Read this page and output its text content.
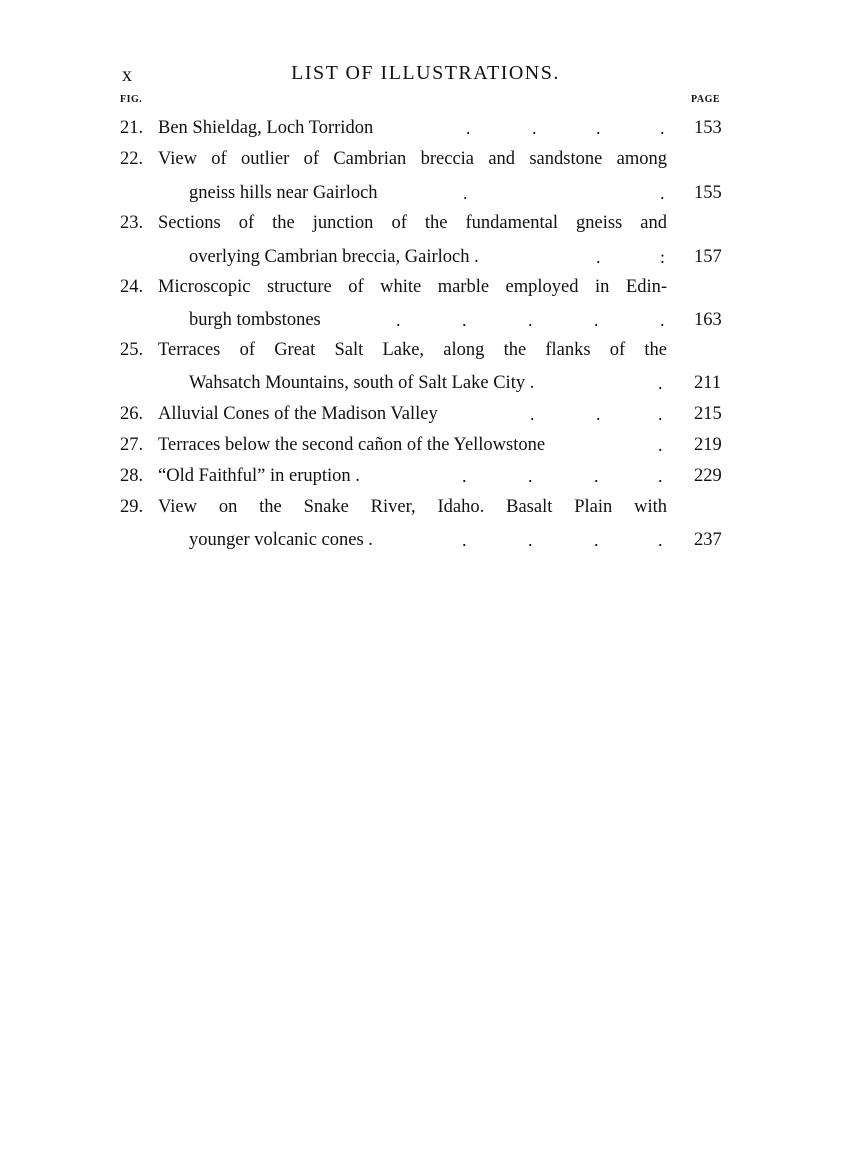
x	LIST OF ILLUSTRATIONS.
FIG.	PAGE
21. Ben Shieldag, Loch Torridon	.	.	.	. 153
22. View of outlier of Cambrian breccia and sandstone among
gneiss hills near Gairloch	.	. 155
23. Sections of the junction of the fundamental gneiss and
overlying Cambrian breccia, Gairloch .	.	: 157
24. Microscopic structure of white marble employed in Edin-
burgh tombstones	.	.	.	.	. 163
25. Terraces of Great Salt Lake, along the flanks of the
Wahsatch Mountains, south of Salt Lake City .	. 211
26. Alluvial Cones of the Madison Valley	.	.	. 215
27. Terraces below the second cañon of the Yellowstone	. 219
28. “Old Faithful” in eruption .	.	.	.	. 229
29. View on the Snake River, Idaho. Basalt Plain with
younger volcanic cones .	.	.	.	. 237
